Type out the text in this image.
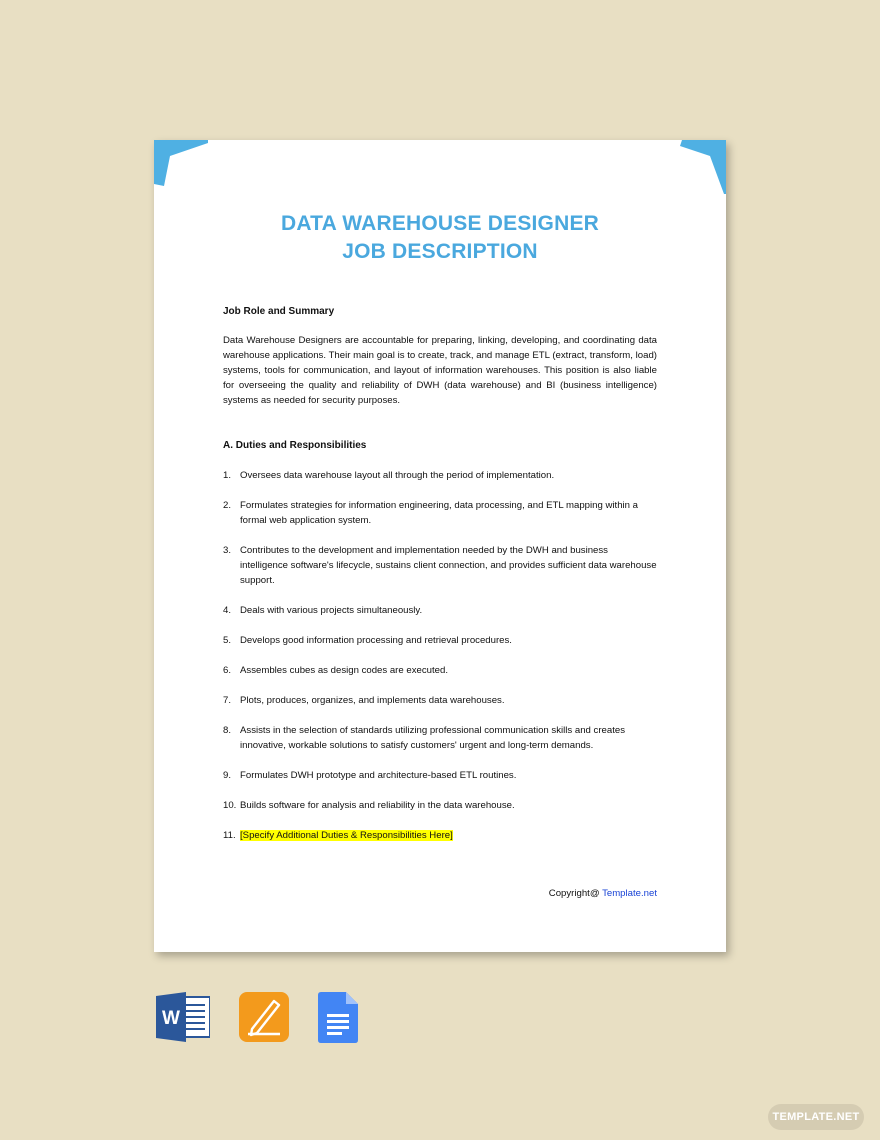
DATA WAREHOUSE DESIGNER
JOB DESCRIPTION
Job Role and Summary
Data Warehouse Designers are accountable for preparing, linking, developing, and coordinating data warehouse applications. Their main goal is to create, track, and manage ETL (extract, transform, load) systems, tools for communication, and layout of information warehouses. This position is also liable for overseeing the quality and reliability of DWH (data warehouse) and BI (business intelligence) systems as needed for security purposes.
A. Duties and Responsibilities
1. Oversees data warehouse layout all through the period of implementation.
2. Formulates strategies for information engineering, data processing, and ETL mapping within a formal web application system.
3. Contributes to the development and implementation needed by the DWH and business intelligence software's lifecycle, sustains client connection, and provides sufficient data warehouse support.
4. Deals with various projects simultaneously.
5. Develops good information processing and retrieval procedures.
6. Assembles cubes as design codes are executed.
7. Plots, produces, organizes, and implements data warehouses.
8. Assists in the selection of standards utilizing professional communication skills and creates innovative, workable solutions to satisfy customers' urgent and long-term demands.
9. Formulates DWH prototype and architecture-based ETL routines.
10. Builds software for analysis and reliability in the data warehouse.
11. [Specify Additional Duties & Responsibilities Here]
Copyright@ Template.net
W
TEMPLATE.NET
